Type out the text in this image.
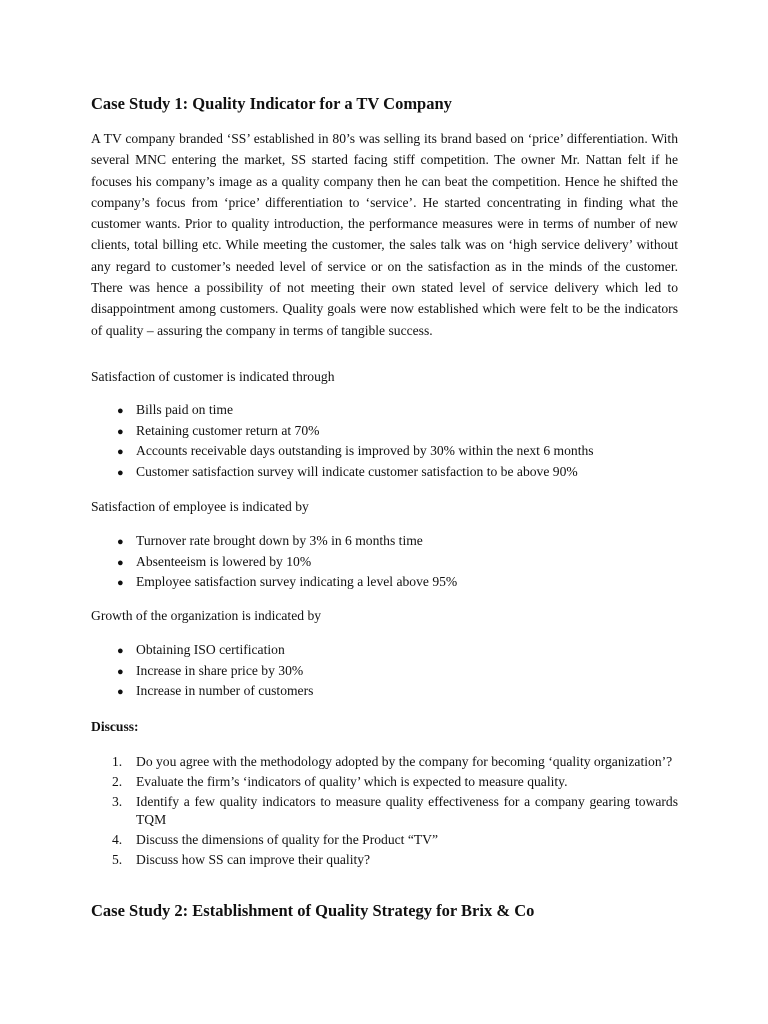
Case Study 1: Quality Indicator for a TV Company

A TV company branded ‘SS’ established in 80’s was selling its brand based on ‘price’ differentiation. With several MNC entering the market, SS started facing stiff competition. The owner Mr. Nattan felt if he focuses his company’s image as a quality company then he can beat the competition. Hence he shifted the company’s focus from ‘price’ differentiation to ‘service’. He started concentrating in finding what the customer wants. Prior to quality introduction, the performance measures were in terms of number of new clients, total billing etc. While meeting the customer, the sales talk was on ‘high service delivery’ without any regard to customer’s needed level of service or on the satisfaction as in the minds of the customer. There was hence a possibility of not meeting their own stated level of service delivery which led to disappointment among customers. Quality goals were now established which were felt to be the indicators of quality – assuring the company in terms of tangible success.

Satisfaction of customer is indicated through
● Bills paid on time
● Retaining customer return at 70%
● Accounts receivable days outstanding is improved by 30% within the next 6 months
● Customer satisfaction survey will indicate customer satisfaction to be above 90%
Satisfaction of employee is indicated by
● Turnover rate brought down by 3% in 6 months time
● Absenteeism is lowered by 10%
● Employee satisfaction survey indicating a level above 95%
Growth of the organization is indicated by
● Obtaining ISO certification
● Increase in share price by 30%
● Increase in number of customers
Discuss:
1. Do you agree with the methodology adopted by the company for becoming ‘quality organization’?
2. Evaluate the firm’s ‘indicators of quality’ which is expected to measure quality.
3. Identify a few quality indicators to measure quality effectiveness for a company gearing towards TQM
4. Discuss the dimensions of quality for the Product “TV”
5. Discuss how SS can improve their quality?
Case Study 2: Establishment of Quality Strategy for Brix & Co
